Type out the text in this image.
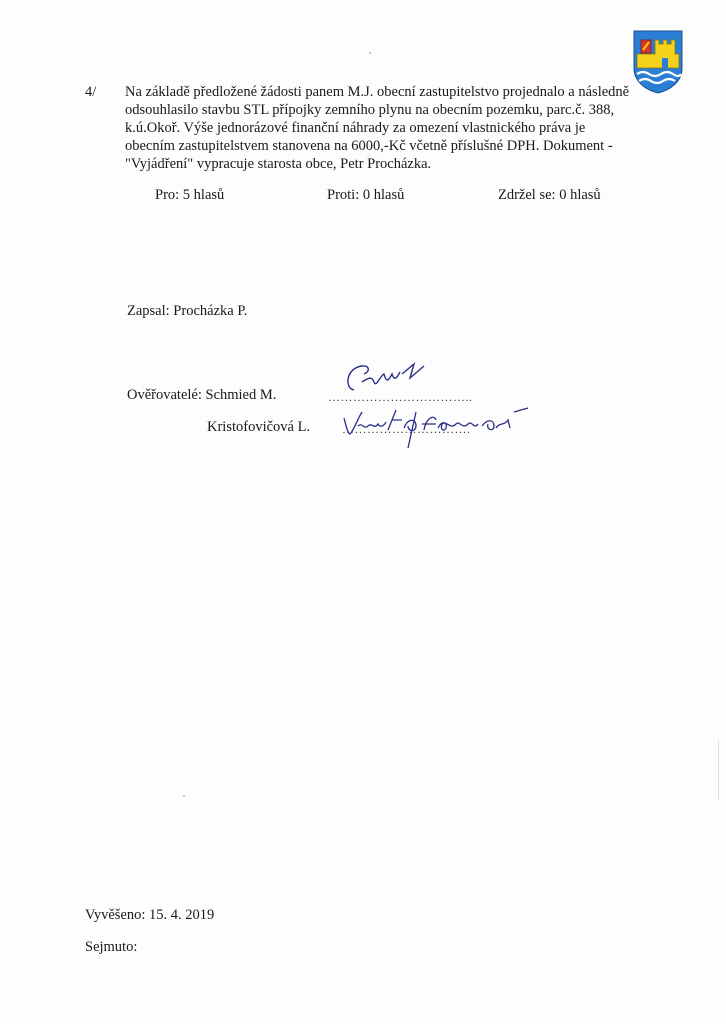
4/ Na základě předložené žádosti panem M.J. obecní zastupitelstvo projednalo a následně
odsouhlasilo stavbu STL přípojky zemního plynu na obecním pozemku, parc.č. 388,
k.ú.Okoř. Výše jednorázové finanční náhrady za omezení vlastnického práva je
obecním zastupitelstvem stanovena na 6000,-Kč včetně příslušné DPH. Dokument -
"Vyjádření" vypracuje starosta obce, Petr Procházka.
Pro: 5 hlasů	Proti: 0 hlasů	Zdržel se: 0 hlasů
Zapsal: Procházka P.
Ověřovatelé: Schmied M.	……………………………..
Kristofovičová L.	………………………….
Vyvěšeno: 15. 4. 2019
Sejmuto:
